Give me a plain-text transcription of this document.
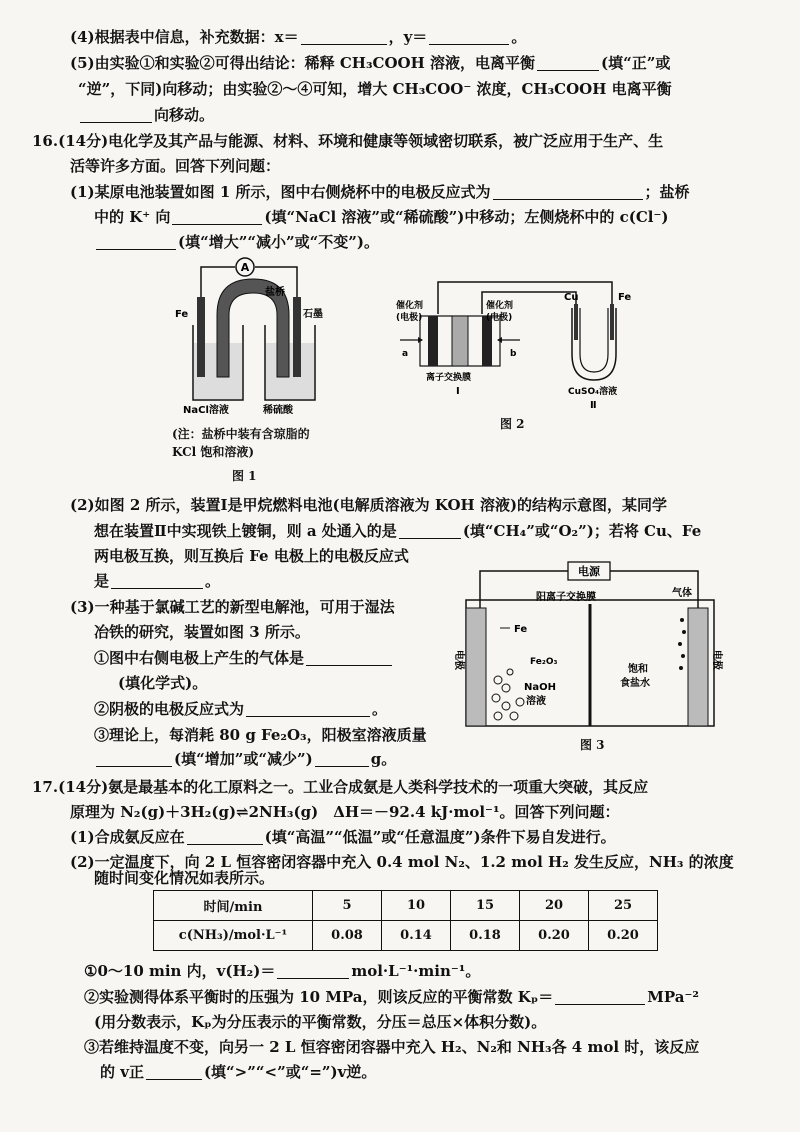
(4)根据表中信息，补充数据：x＝	，y＝	。
(5)由实验①和实验②可得出结论：稀释 CH₃COOH 溶液，电离平衡	(填“正”或
“逆”，下同)向移动；由实验②～④可知，增大 CH₃COO⁻ 浓度，CH₃COOH 电离平衡
向移动。
16.(14分)电化学及其产品与能源、材料、环境和健康等领域密切联系，被广泛应用于生产、生
活等许多方面。回答下列问题：
(1)某原电池装置如图 1 所示，图中右侧烧杯中的电极反应式为	；盐桥
中的 K⁺ 向	(填“NaCl 溶液”或“稀硫酸”)中移动；左侧烧杯中的 c(Cl⁻)
(填“增大”“减小”或“不变”)。
A
盐桥
Fe	石墨
NaCl溶液	稀硫酸
(注：盐桥中装有含琼脂的
KCl 饱和溶液)
图 1
催化剂
(电极)
催化剂
(电极)
a	b
离子交换膜
Ⅰ
Cu	Fe
CuSO₄溶液
Ⅱ
图 2
(2)如图 2 所示，装置Ⅰ是甲烷燃料电池(电解质溶液为 KOH 溶液)的结构示意图，某同学
想在装置Ⅱ中实现铁上镀铜，则 a 处通入的是	(填“CH₄”或“O₂”)；若将 Cu、Fe
两电极互换，则互换后 Fe 电极上的电极反应式
是	。
(3)一种基于氯碱工艺的新型电解池，可用于湿法
冶铁的研究，装置如图 3 所示。
①图中右侧电极上产生的气体是
(填化学式)。
②阴极的电极反应式为	。
③理论上，每消耗 80 g Fe₂O₃，阳极室溶液质量
(填“增加”或“减少”)	g。
电源
阳离子交换膜	气体
Fe
Fe₂O₃
电极	电极
NaOH
溶液
饱和
食盐水
图 3
17.(14分)氨是最基本的化工原料之一。工业合成氨是人类科学技术的一项重大突破，其反应
原理为 N₂(g)＋3H₂(g)⇌2NH₃(g)　ΔH＝－92.4 kJ·mol⁻¹。回答下列问题：
(1)合成氨反应在	(填“高温”“低温”或“任意温度”)条件下易自发进行。
(2)一定温度下，向 2 L 恒容密闭容器中充入 0.4 mol N₂、1.2 mol H₂ 发生反应，NH₃ 的浓度
随时间变化情况如表所示。
时间/min	5	10	15	20	25
c(NH₃)/mol·L⁻¹	0.08	0.14	0.18	0.20	0.20
①0～10 min 内，v(H₂)＝	mol·L⁻¹·min⁻¹。
②实验测得体系平衡时的压强为 10 MPa，则该反应的平衡常数 Kₚ＝	MPa⁻²
(用分数表示，Kₚ为分压表示的平衡常数，分压＝总压×体积分数)。
③若维持温度不变，向另一 2 L 恒容密闭容器中充入 H₂、N₂和 NH₃各 4 mol 时，该反应
的 v正	(填“>”“<”或“=”)v逆。
